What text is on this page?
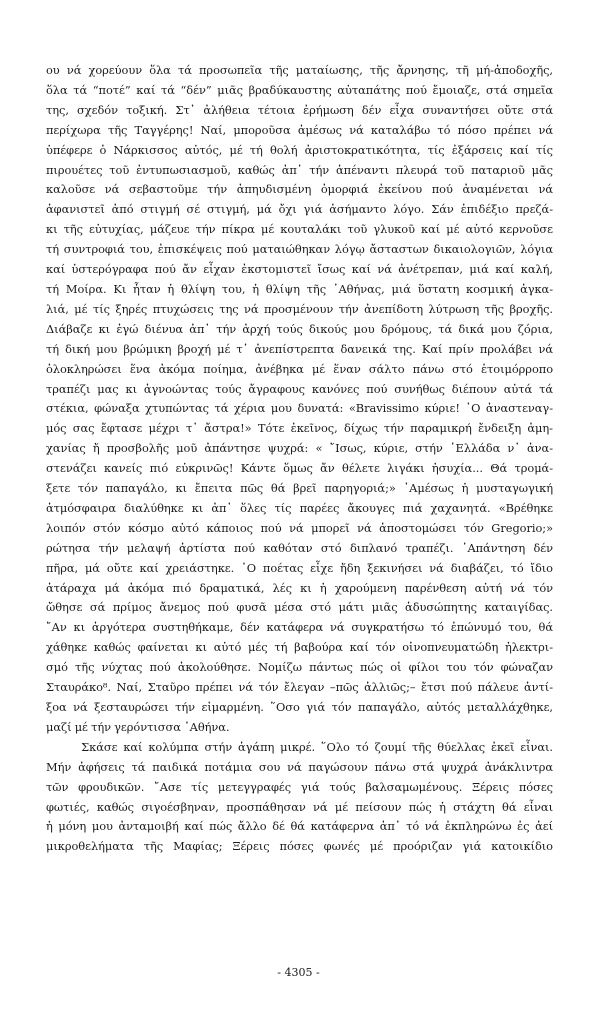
ου νά χορεύουν ὅλα τά προσωπεῖα τῆς ματαίωσης, τῆς ἄρνησης, τῆ μή-ἀποδοχῆς,

ὅλα τά “ποτέ” καί τά “δέν” μιᾶς βραδύκαυστης αὐταπάτης πού ἔμοιαζε, στά σημεῖα

της, σχεδόν τοξική. Στ᾽ ἀλήθεια τέτοια ἐρήμωση δέν εἶχα συναντήσει οὔτε στά

περίχωρα τῆς Ταγγέρης! Ναί, μποροῦσα ἀμέσως νά καταλάβω τό πόσο πρέπει νά

ὑπέφερε ὁ Νάρκισσος αὐτός, μέ τή θολή ἀριστοκρατικότητα, τίς ἐξάρσεις καί τίς

πιρουέτες τοῦ ἐντυπωσιασμοῦ, καθώς ἀπ᾽ τήν ἀπέναντι πλευρά τοῦ παταριοῦ μᾶς

καλοῦσε νά σεβαστοῦμε τήν ἀπηυδισμένη ὀμορφιά ἐκείνου πού ἀναμένεται νά

ἀφανιστεῖ ἀπό στιγμή σέ στιγμή, μά ὄχι γιά ἀσήμαντο λόγο. Σάν ἐπιδέξιο πρεζά-

κι τῆς εὐτυχίας, μάζευε τήν πίκρα μέ κουταλάκι τοῦ γλυκοῦ καί μέ αὐτό κερνοῦσε

τή συντροφιά του, ἐπισκέψεις πού ματαιώθηκαν λόγῳ ἄσταστων δικαιολογιῶν, λόγια

καί ὑστερόγραφα πού ἄν εἶχαν ἐκστομιστεῖ ἴσως καί νά ἀνέτρεπαν, μιά καί καλή,

τή Μοίρα. Κι ἦταν ἡ θλίψη του, ἡ θλίψη τῆς ᾽Αθήνας, μιά ὕστατη κοσμική ἀγκα-

λιά, μέ τίς ξηρές πτυχώσεις της νά προσμένουν τήν ἀνεπίδοτη λύτρωση τῆς βροχῆς.

Διάβαζε κι ἐγώ διένυα ἀπ᾽ τήν ἀρχή τούς δικούς μου δρόμους, τά δικά μου ζόρια,

τή δική μου βρώμικη βροχή μέ τ᾽ ἀνεπίστρεπτα δανεικά της. Καί πρίν προλάβει νά

ὁλοκληρώσει ἕνα ἀκόμα ποίημα, ἀνέβηκα μέ ἕναν σάλτο πάνω στό ἑτοιμόρροπο

τραπέζι μας κι ἀγνοώντας τούς ἄγραφους κανόνες πού συνήθως διέπουν αὐτά τά

στέκια, φώναξα χτυπώντας τά χέρια μου δυνατά: «Bravissimo κύριε! ῾Ο ἀναστεναγ-

μός σας ἔφτασε μέχρι τ᾽ ἄστρα!» Τότε ἐκεῖνος, δίχως τήν παραμικρή ἔνδειξη ἀμη-

χανίας ἤ προσβολῆς μοῦ ἀπάντησε ψυχρά: « ῎Ισως, κύριε, στήν ῾Ελλάδα ν᾽ ἀνα-

στενάζει κανείς πιό εὐκρινῶς! Κάντε ὅμως ἄν θέλετε λιγάκι ἡσυχία... Θά τρομά-

ξετε τόν παπαγάλο, κι ἔπειτα πῶς θά βρεῖ παρηγοριά;» ᾽Αμέσως ἡ μυσταγωγική

ἀτμόσφαιρα διαλύθηκε κι ἀπ᾽ ὅλες τίς παρέες ἄκουγες πιά χαχανητά. «Βρέθηκε

λοιπόν στόν κόσμο αὐτό κάποιος πού νά μπορεῖ νά ἀποστομώσει τόν Gregorio;»

ρώτησα τήν μελαψή ἀρτίστα πού καθόταν στό διπλανό τραπέζι. ᾽Απάντηση δέν

πῆρα, μά οὔτε καί χρειάστηκε. ῾Ο ποέτας εἶχε ἤδη ξεκινήσει νά διαβάζει, τό ἴδιο

ἀτάραχα μά ἀκόμα πιό δραματικά, λές κι ἡ χαρούμενη παρένθεση αὐτή νά τόν

ὤθησε σά πρίμος ἄνεμος πού φυσᾶ μέσα στό μάτι μιᾶς ἀδυσώπητης καταιγίδας.

῎Αν κι ἀργότερα συστηθήκαμε, δέν κατάφερα νά συγκρατήσω τό ἐπώνυμό του, θά

χάθηκε καθώς φαίνεται κι αὐτό μές τή βαβούρα καί τόν οἰνοπνευματώδη ἠλεκτρι-

σμό τῆς νύχτας πού ἀκολούθησε. Νομίζω πάντως πώς οἱ φίλοι του τόν φώναζαν

Σταυράκο⁸. Ναί, Σταῦρο πρέπει νά τόν ἔλεγαν –πῶς ἀλλιῶς;– ἔτσι πού πάλευε ἀντί-

ξοα νά ξεσταυρώσει τήν εἱμαρμένη. ῞Οσο γιά τόν παπαγάλο, αὐτός μεταλλάχθηκε,

μαζί μέ τήν γερόντισσα ᾽Αθήνα.

Σκάσε καί κολύμπα στήν ἀγάπη μικρέ. ῞Ολο τό ζουμί τῆς θύελλας ἐκεῖ εἶναι.

Μήν ἀφήσεις τά παιδικά ποτάμια σου νά παγώσουν πάνω στά ψυχρά ἀνάκλιντρα

τῶν φρουδικῶν. ῎Ασε τίς μετεγγραφές γιά τούς βαλσαμωμένους. Ξέρεις πόσες

φωτιές, καθώς σιγοέσβηναν, προσπάθησαν νά μέ πείσουν πώς ἡ στάχτη θά εἶναι

ἡ μόνη μου ἀνταμοιβή καί πώς ἄλλο δέ θά κατάφερνα ἀπ᾽ τό νά ἐκπληρώνω ἐς ἀεί

μικροθελήματα τῆς Μαφίας; Ξέρεις πόσες φωνές μέ προόριζαν γιά κατοικίδιο

- 4305 -
